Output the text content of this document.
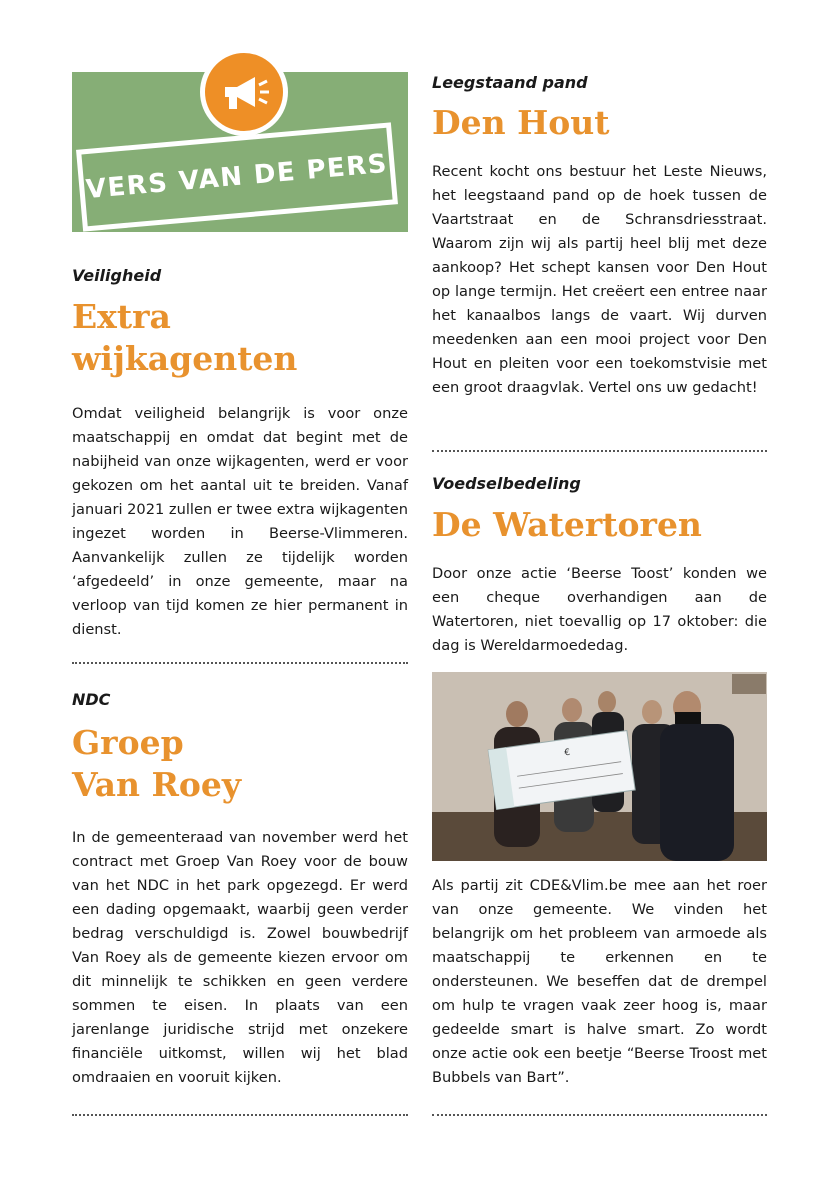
VERS VAN DE PERS
Veiligheid
Extra
wijkagenten

Omdat veiligheid belangrijk is voor onze maatschappij en omdat dat begint met de nabijheid van onze wijkagenten, werd er voor gekozen om het aantal uit te breiden. Vanaf januari 2021 zullen er twee extra wijkagenten ingezet worden in Beerse-Vlimmeren. Aanvankelijk zullen ze tijdelijk worden ‘afgedeeld’ in onze gemeente, maar na verloop van tijd komen ze hier permanent in dienst.

NDC
Groep
Van Roey

In de gemeenteraad van november werd het contract met Groep Van Roey voor de bouw van het NDC in het park opgezegd. Er werd een dading opgemaakt, waarbij geen verder bedrag verschuldigd is. Zowel bouwbedrijf Van Roey als de gemeente kiezen ervoor om dit minnelijk te schikken en geen verdere sommen te eisen. In plaats van een jarenlange juridische strijd met onzekere financiële uitkomst, willen wij het blad omdraaien en vooruit kijken.

Leegstaand pand
Den Hout

Recent kocht ons bestuur het Leste Nieuws, het leegstaand pand op de hoek tussen de Vaartstraat en de Schransdriesstraat. Waarom zijn wij als partij heel blij met deze aankoop? Het schept kansen voor Den Hout op lange termijn. Het creëert een entree naar het kanaalbos langs de vaart. Wij durven meedenken aan een mooi project voor Den Hout en pleiten voor een toekomstvisie met een groot draagvlak. Vertel ons uw gedacht!

Voedselbedeling
De Watertoren

Door onze actie ‘Beerse Toost’ konden we een cheque overhandigen aan de Watertoren, niet toevallig op 17 oktober: die dag is Wereldarmoededag.

€

Als partij zit CDE&Vlim.be mee aan het roer van onze gemeente. We vinden het belangrijk om het probleem van armoede als maatschappij te erkennen en te ondersteunen. We beseffen dat de drempel om hulp te vragen vaak zeer hoog is, maar gedeelde smart is halve smart. Zo wordt onze actie ook een beetje “Beerse Troost met Bubbels van Bart”.
